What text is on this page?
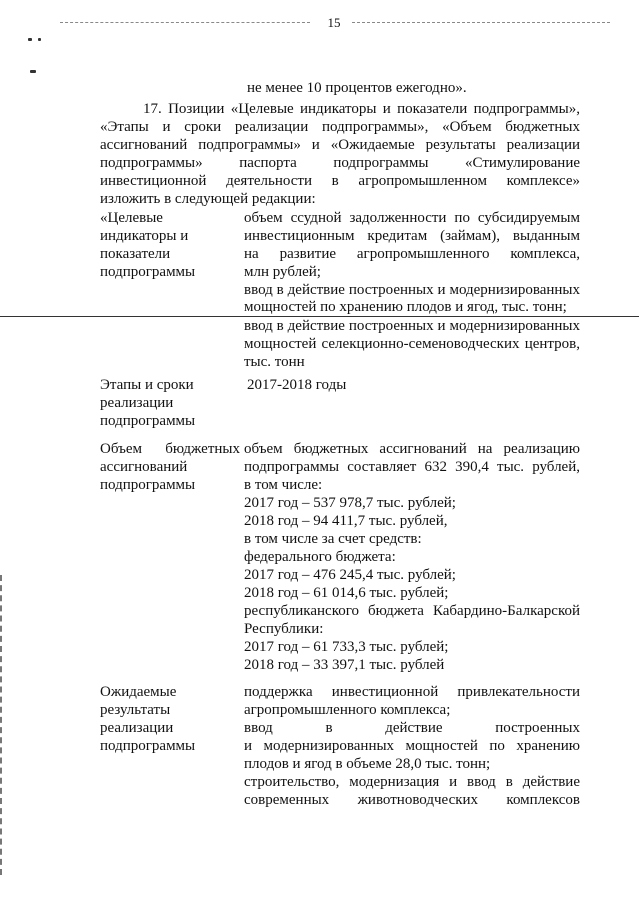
15
не менее 10 процентов ежегодно».
17. Позиции «Целевые индикаторы и показатели подпрограммы»,
«Этапы и сроки реализации подпрограммы», «Объем бюджетных
ассигнований подпрограммы» и «Ожидаемые результаты реализации
подпрограммы» паспорта подпрограммы «Стимулирование
инвестиционной деятельности в агропромышленном комплексе»
изложить в следующей редакции:
«Целевые
индикаторы и
показатели
подпрограммы
объем ссудной задолженности по субсидируемым
инвестиционным кредитам (займам), выданным
на развитие агропромышленного комплекса,
млн рублей;
ввод в действие построенных и модернизированных
мощностей по хранению плодов и ягод, тыс. тонн;
ввод в действие построенных и модернизированных
мощностей селекционно-семеноводческих центров,
тыс. тонн
Этапы и сроки
реализации
подпрограммы
2017-2018 годы
Объем бюджетных
ассигнований
подпрограммы
объем бюджетных ассигнований на реализацию
подпрограммы составляет 632 390,4 тыс. рублей,
в том числе:
2017 год – 537 978,7 тыс. рублей;
2018 год – 94 411,7 тыс. рублей,
в том числе за счет средств:
федерального бюджета:
2017 год – 476 245,4 тыс. рублей;
2018 год – 61 014,6 тыс. рублей;
республиканского бюджета Кабардино-Балкарской
Республики:
2017 год – 61 733,3 тыс. рублей;
2018 год – 33 397,1 тыс. рублей
Ожидаемые
результаты
реализации
подпрограммы
поддержка инвестиционной привлекательности
агропромышленного комплекса;
ввод в действие построенных
и модернизированных мощностей по хранению
плодов и ягод в объеме 28,0 тыс. тонн;
строительство, модернизация и ввод в действие
современных животноводческих комплексов
